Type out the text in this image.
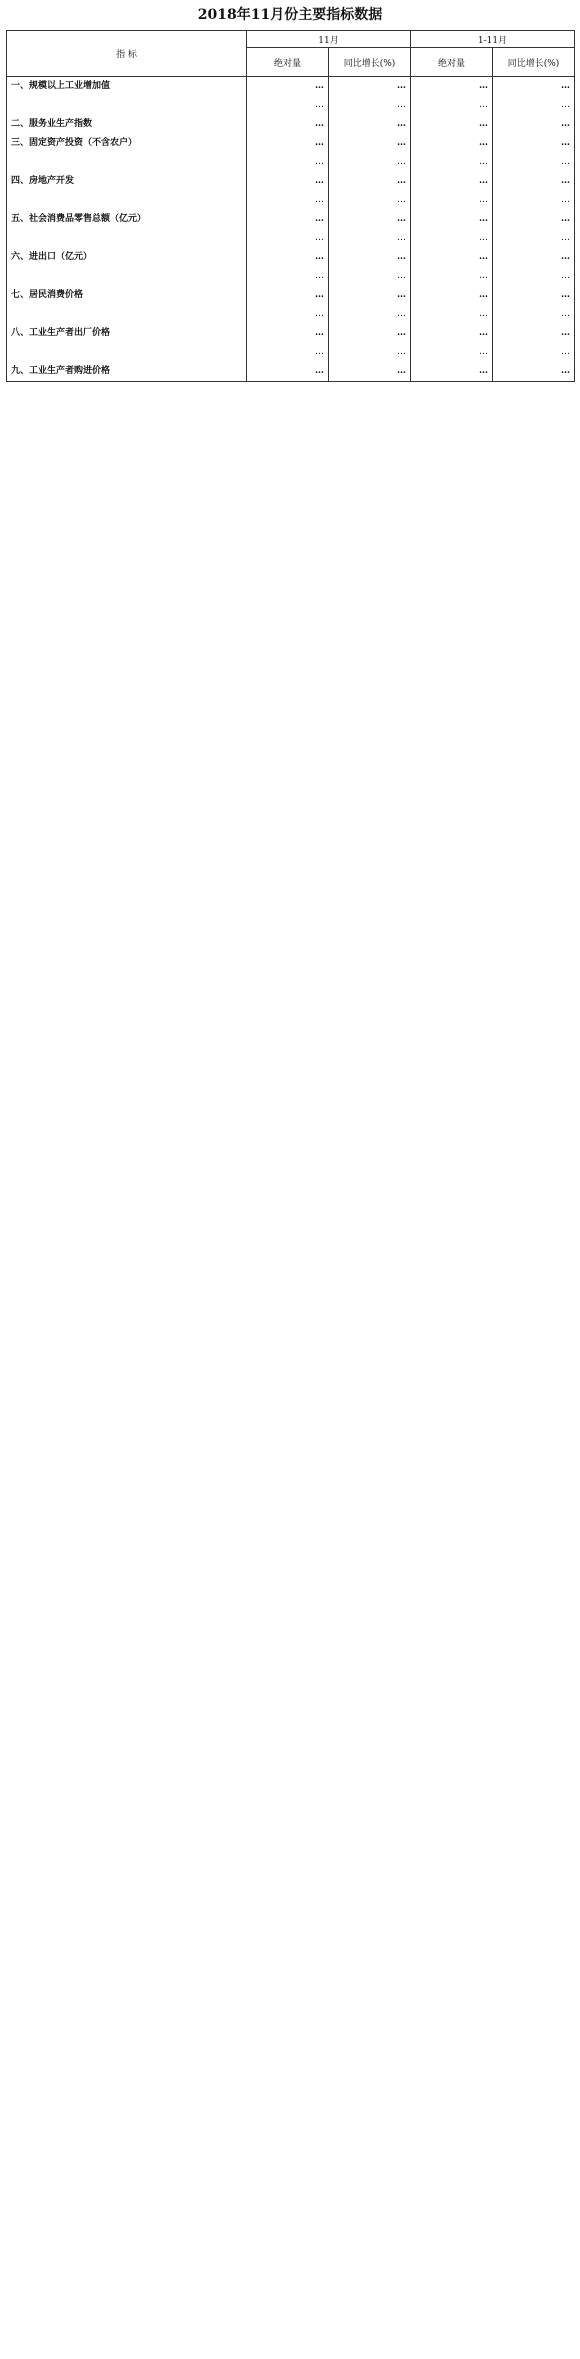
2018年11月份主要指标数据
指 标	11月		1-11月	
	绝对量	同比增长(%)	绝对量	同比增长(%)
一、规模以上工业增加值	…	…	…	…
	…	…	…	…
二、服务业生产指数	…	…	…	…
三、固定资产投资（不含农户）	…	…	…	…
	…	…	…	…
四、房地产开发	…	…	…	…
	…	…	…	…
五、社会消费品零售总额（亿元）	…	…	…	…
	…	…	…	…
六、进出口（亿元）	…	…	…	…
	…	…	…	…
七、居民消费价格	…	…	…	…
	…	…	…	…
八、工业生产者出厂价格	…	…	…	…
	…	…	…	…
九、工业生产者购进价格	…	…	…	…
